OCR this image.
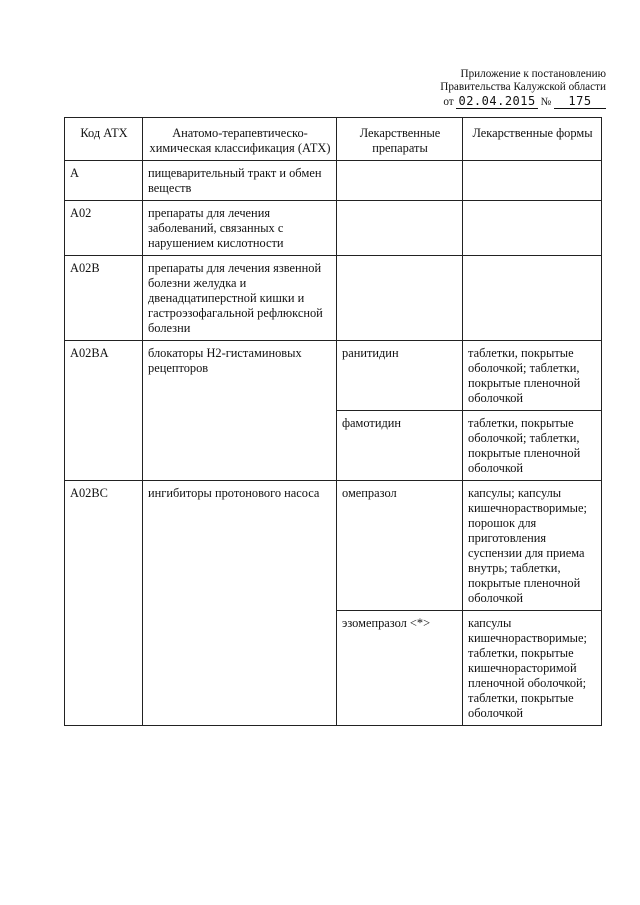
Приложение к постановлению
Правительства Калужской области
от 02.04.2015 № 175
Код АТХ	Анатомо-терапевтическо-химическая классификация (АТХ)	Лекарственные препараты	Лекарственные формы
A	пищеварительный тракт и обмен веществ		
A02	препараты для лечения заболеваний, связанных с нарушением кислотности		
A02B	препараты для лечения язвенной болезни желудка и двенадцатиперстной кишки и гастроэзофагальной рефлюксной болезни		
A02BA	блокаторы H2-гистаминовых рецепторов	ранитидин	таблетки, покрытые оболочкой; таблетки, покрытые пленочной оболочкой
		фамотидин	таблетки, покрытые оболочкой; таблетки, покрытые пленочной оболочкой
A02BC	ингибиторы протонового насоса	омепразол	капсулы; капсулы кишечнорастворимые; порошок для приготовления суспензии для приема внутрь; таблетки, покрытые пленочной оболочкой
		эзомепразол <*>	капсулы кишечнорастворимые; таблетки, покрытые кишечнорасторимой пленочной оболочкой; таблетки, покрытые оболочкой
